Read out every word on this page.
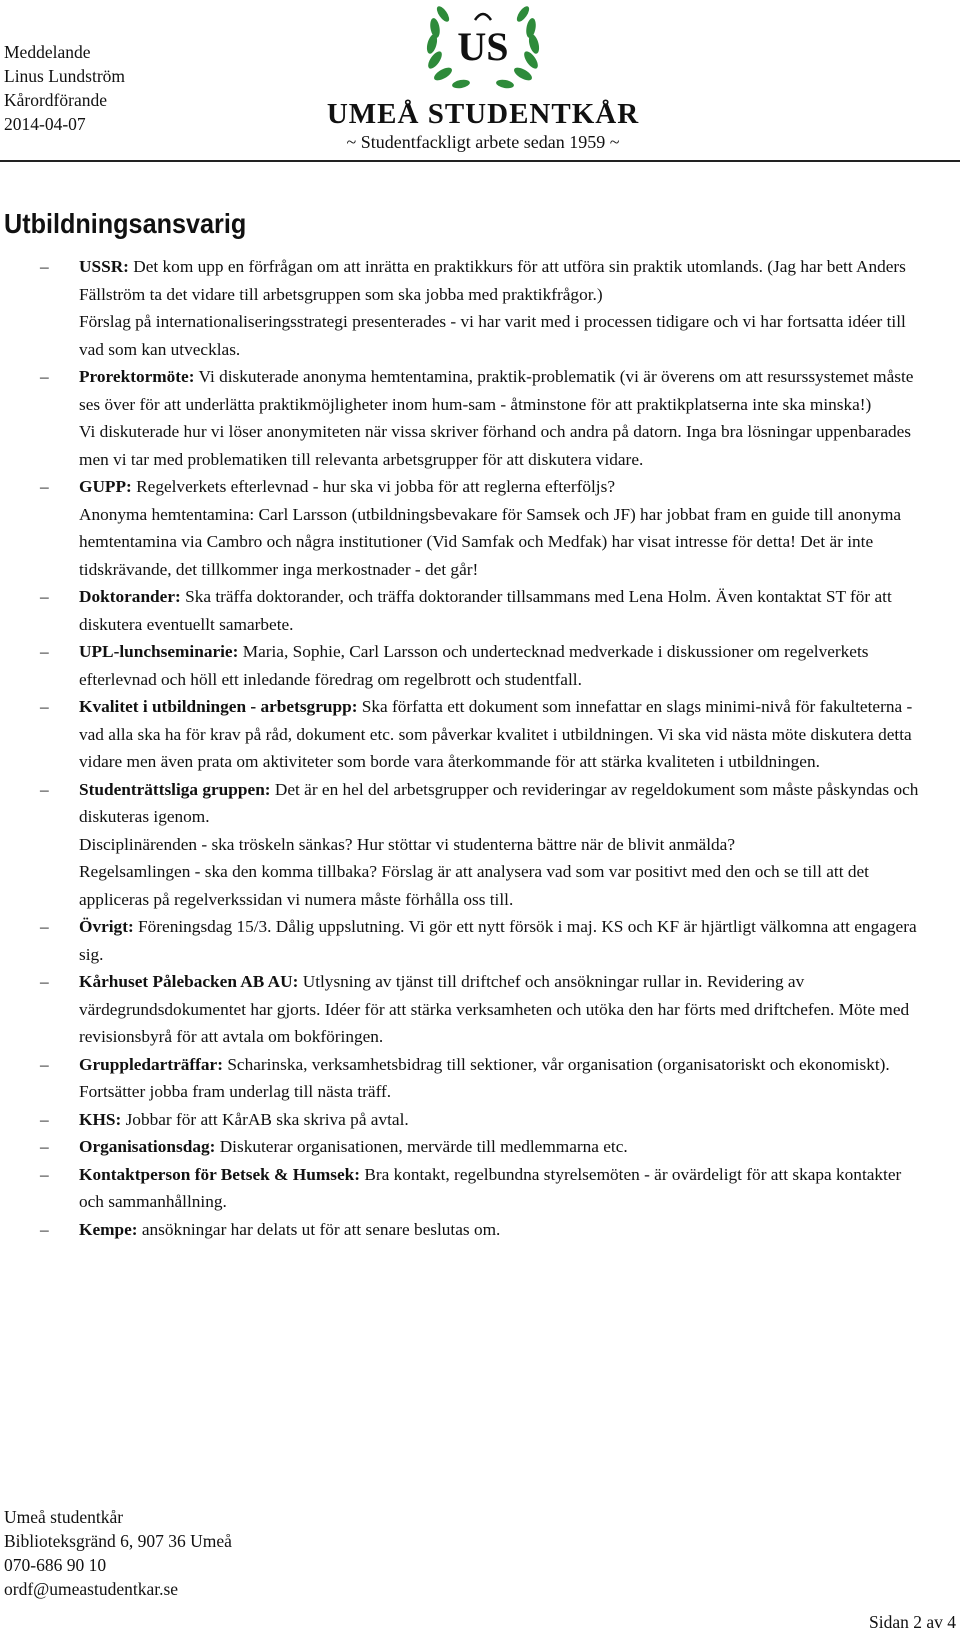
Meddelande
Linus Lundström
Kårordförande
2014-04-07
US
UMEÅ STUDENTKÅR
~ Studentfackligt arbete sedan 1959 ~
Utbildningsansvarig
– USSR: Det kom upp en förfrågan om att inrätta en praktikkurs för att utföra sin praktik utomlands. (Jag har bett Anders Fällström ta det vidare till arbetsgruppen som ska jobba med praktikfrågor.)

Förslag på internationaliseringsstrategi presenterades - vi har varit med i processen tidigare och vi har fortsatta idéer till vad som kan utvecklas.

– Prorektormöte: Vi diskuterade anonyma hemtentamina, praktik-problematik (vi är överens om att resurssystemet måste ses över för att underlätta praktikmöjligheter inom hum-sam - åtminstone för att praktikplatserna inte ska minska!)

Vi diskuterade hur vi löser anonymiteten när vissa skriver förhand och andra på datorn. Inga bra lösningar uppenbarades men vi tar med problematiken till relevanta arbetsgrupper för att diskutera vidare.

– GUPP: Regelverkets efterlevnad - hur ska vi jobba för att reglerna efterföljs?

Anonyma hemtentamina: Carl Larsson (utbildningsbevakare för Samsek och JF) har jobbat fram en guide till anonyma hemtentamina via Cambro och några institutioner (Vid Samfak och Medfak) har visat intresse för detta! Det är inte tidskrävande, det tillkommer inga merkostnader - det går!

– Doktorander: Ska träffa doktorander, och träffa doktorander tillsammans med Lena Holm. Även kontaktat ST för att diskutera eventuellt samarbete.

– UPL-lunchseminarie: Maria, Sophie, Carl Larsson och undertecknad medverkade i diskussioner om regelverkets efterlevnad och höll ett inledande föredrag om regelbrott och studentfall.

– Kvalitet i utbildningen - arbetsgrupp: Ska författa ett dokument som innefattar en slags minimi-nivå för fakulteterna - vad alla ska ha för krav på råd, dokument etc. som påverkar kvalitet i utbildningen. Vi ska vid nästa möte diskutera detta vidare men även prata om aktiviteter som borde vara återkommande för att stärka kvaliteten i utbildningen.

– Studenträttsliga gruppen: Det är en hel del arbetsgrupper och revideringar av regeldokument som måste påskyndas och diskuteras igenom.

Disciplinärenden - ska tröskeln sänkas? Hur stöttar vi studenterna bättre när de blivit anmälda?

Regelsamlingen - ska den komma tillbaka? Förslag är att analysera vad som var positivt med den och se till att det appliceras på regelverkssidan vi numera måste förhålla oss till.

– Övrigt: Föreningsdag 15/3. Dålig uppslutning. Vi gör ett nytt försök i maj. KS och KF är hjärtligt välkomna att engagera sig.

– Kårhuset Pålebacken AB AU: Utlysning av tjänst till driftchef och ansökningar rullar in. Revidering av värdegrundsdokumentet har gjorts. Idéer för att stärka verksamheten och utöka den har förts med driftchefen. Möte med revisionsbyrå för att avtala om bokföringen.

– Gruppledarträffar: Scharinska, verksamhetsbidrag till sektioner, vår organisation (organisatoriskt och ekonomiskt). Fortsätter jobba fram underlag till nästa träff.

– KHS: Jobbar för att KårAB ska skriva på avtal.

– Organisationsdag: Diskuterar organisationen, mervärde till medlemmarna etc.

– Kontaktperson för Betsek & Humsek: Bra kontakt, regelbundna styrelsemöten - är ovärdeligt för att skapa kontakter och sammanhållning.

– Kempe: ansökningar har delats ut för att senare beslutas om.

Umeå studentkår
Biblioteksgränd 6, 907 36 Umeå
070-686 90 10
ordf@umeastudentkar.se
Sidan 2 av 4
